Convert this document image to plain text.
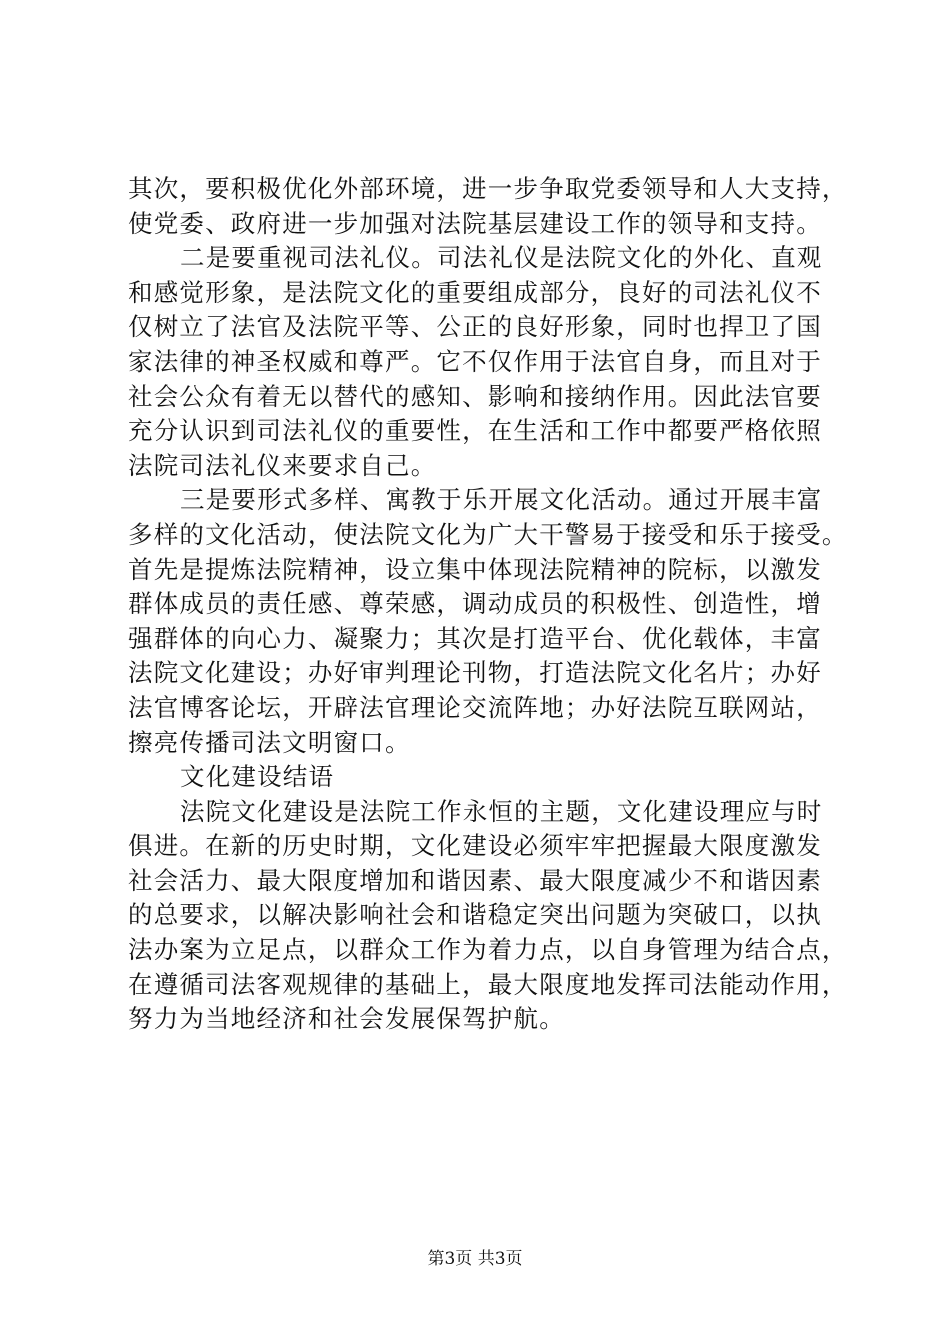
其次，要积极优化外部环境，进一步争取党委领导和人大支持，
使党委、政府进一步加强对法院基层建设工作的领导和支持。
二是要重视司法礼仪。司法礼仪是法院文化的外化、直观
和感觉形象，是法院文化的重要组成部分，良好的司法礼仪不
仅树立了法官及法院平等、公正的良好形象，同时也捍卫了国
家法律的神圣权威和尊严。它不仅作用于法官自身，而且对于
社会公众有着无以替代的感知、影响和接纳作用。因此法官要
充分认识到司法礼仪的重要性，在生活和工作中都要严格依照
法院司法礼仪来要求自己。
三是要形式多样、寓教于乐开展文化活动。通过开展丰富
多样的文化活动，使法院文化为广大干警易于接受和乐于接受。
首先是提炼法院精神，设立集中体现法院精神的院标，以激发
群体成员的责任感、尊荣感，调动成员的积极性、创造性，增
强群体的向心力、凝聚力；其次是打造平台、优化载体，丰富
法院文化建设；办好审判理论刊物，打造法院文化名片；办好
法官博客论坛，开辟法官理论交流阵地；办好法院互联网站，
擦亮传播司法文明窗口。
文化建设结语
法院文化建设是法院工作永恒的主题，文化建设理应与时
俱进。在新的历史时期，文化建设必须牢牢把握最大限度激发
社会活力、最大限度增加和谐因素、最大限度减少不和谐因素
的总要求，以解决影响社会和谐稳定突出问题为突破口，以执
法办案为立足点，以群众工作为着力点，以自身管理为结合点，
在遵循司法客观规律的基础上，最大限度地发挥司法能动作用，
努力为当地经济和社会发展保驾护航。
第3页 共3页
